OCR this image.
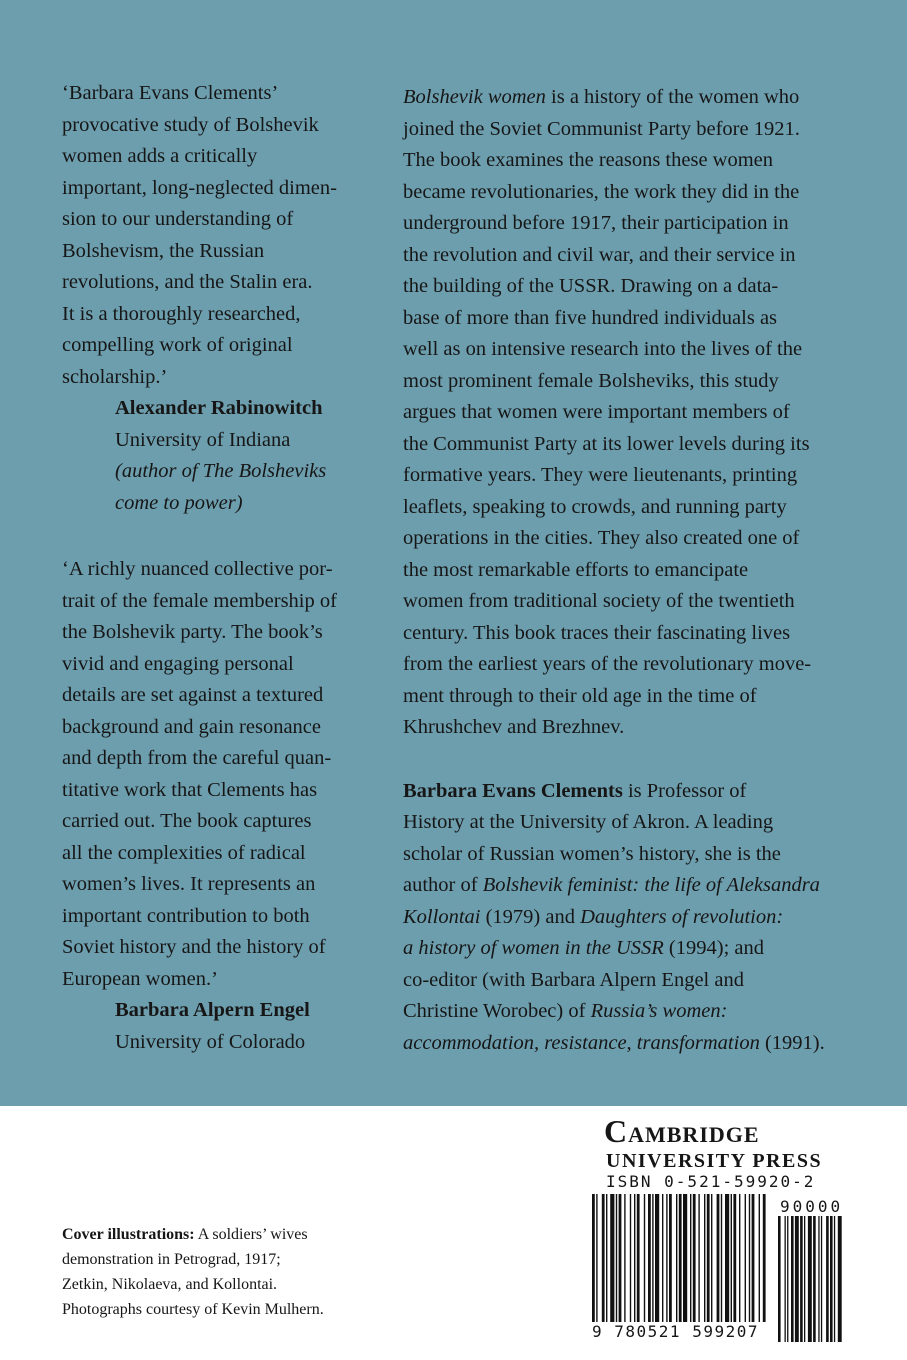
‘Barbara Evans Clements’
provocative study of Bolshevik
women adds a critically
important, long-neglected dimen-
sion to our understanding of
Bolshevism, the Russian
revolutions, and the Stalin era.
It is a thoroughly researched,
compelling work of original
scholarship.’
Alexander Rabinowitch
University of Indiana
(author of The Bolsheviks
come to power)
‘A richly nuanced collective por-
trait of the female membership of
the Bolshevik party. The book’s
vivid and engaging personal
details are set against a textured
background and gain resonance
and depth from the careful quan-
titative work that Clements has
carried out. The book captures
all the complexities of radical
women’s lives. It represents an
important contribution to both
Soviet history and the history of
European women.’
Barbara Alpern Engel
University of Colorado
Bolshevik women is a history of the women who
joined the Soviet Communist Party before 1921.
The book examines the reasons these women
became revolutionaries, the work they did in the
underground before 1917, their participation in
the revolution and civil war, and their service in
the building of the USSR. Drawing on a data-
base of more than five hundred individuals as
well as on intensive research into the lives of the
most prominent female Bolsheviks, this study
argues that women were important members of
the Communist Party at its lower levels during its
formative years. They were lieutenants, printing
leaflets, speaking to crowds, and running party
operations in the cities. They also created one of
the most remarkable efforts to emancipate
women from traditional society of the twentieth
century. This book traces their fascinating lives
from the earliest years of the revolutionary move-
ment through to their old age in the time of
Khrushchev and Brezhnev.
Barbara Evans Clements is Professor of
History at the University of Akron. A leading
scholar of Russian women’s history, she is the
author of Bolshevik feminist: the life of Aleksandra
Kollontai (1979) and Daughters of revolution:
a history of women in the USSR (1994); and
co-editor (with Barbara Alpern Engel and
Christine Worobec) of Russia’s women:
accommodation, resistance, transformation (1991).
Cambridge
UNIVERSITY PRESS
ISBN 0-521-59920-2
90000
9 780521 599207
Cover illustrations: A soldiers’ wives
demonstration in Petrograd, 1917;
Zetkin, Nikolaeva, and Kollontai.
Photographs courtesy of Kevin Mulhern.
